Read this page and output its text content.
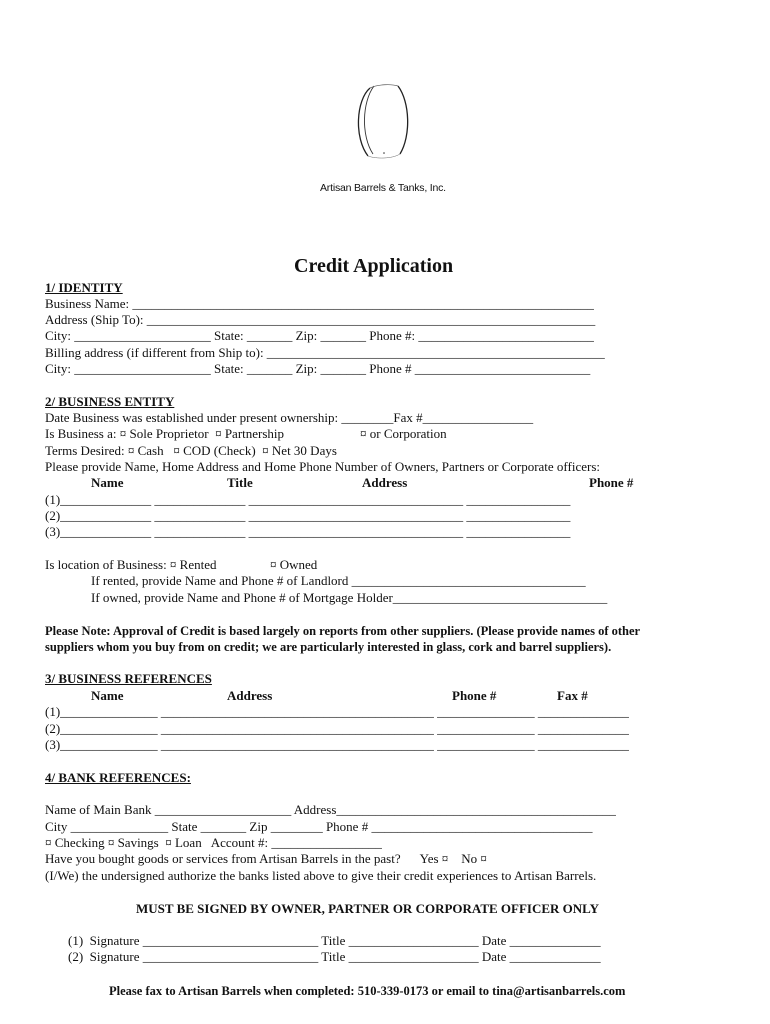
Artisan Barrels & Tanks, Inc.
Credit Application
1/ IDENTITY
Business Name: _______________________________________________________________________
Address (Ship To): _____________________________________________________________________
City: _____________________ State: _______ Zip: _______ Phone #: ___________________________
Billing address (if different from Ship to): ____________________________________________________
City: _____________________ State: _______ Zip: _______ Phone # ___________________________
2/ BUSINESS ENTITY
Date Business was established under present ownership: ________Fax #_________________
Is Business a: ¤ Sole Proprietor  ¤ Partnership	¤ or Corporation
Terms Desired: ¤ Cash   ¤ COD (Check)  ¤ Net 30 Days
Please provide Name, Home Address and Home Phone Number of Owners, Partners or Corporate officers:
Name	Title	Address	Phone #
(1)______________ ______________ _________________________________ ________________
(2)______________ ______________ _________________________________ ________________
(3)______________ ______________ _________________________________ ________________
Is location of Business: ¤ Rented	¤ Owned
If rented, provide Name and Phone # of Landlord ____________________________________
If owned, provide Name and Phone # of Mortgage Holder_________________________________
Please Note: Approval of Credit is based largely on reports from other suppliers. (Please provide names of other
suppliers whom you buy from on credit; we are particularly interested in glass, cork and barrel suppliers).
3/ BUSINESS REFERENCES
Name	Address	Phone #	Fax #
(1)_______________ __________________________________________ _______________ ______________
(2)_______________ __________________________________________ _______________ ______________
(3)_______________ __________________________________________ _______________ ______________
4/ BANK REFERENCES:
Name of Main Bank _____________________ Address___________________________________________
City _______________ State _______ Zip ________ Phone # __________________________________
¤ Checking ¤ Savings  ¤ Loan   Account #: _________________
Have you bought goods or services from Artisan Barrels in the past?      Yes ¤    No ¤
(I/We) the undersigned authorize the banks listed above to give their credit experiences to Artisan Barrels.
MUST BE SIGNED BY OWNER, PARTNER OR CORPORATE OFFICER ONLY
(1)  Signature ___________________________ Title ____________________ Date ______________
(2)  Signature ___________________________ Title ____________________ Date ______________
Please fax to Artisan Barrels when completed: 510-339-0173 or email to tina@artisanbarrels.com
